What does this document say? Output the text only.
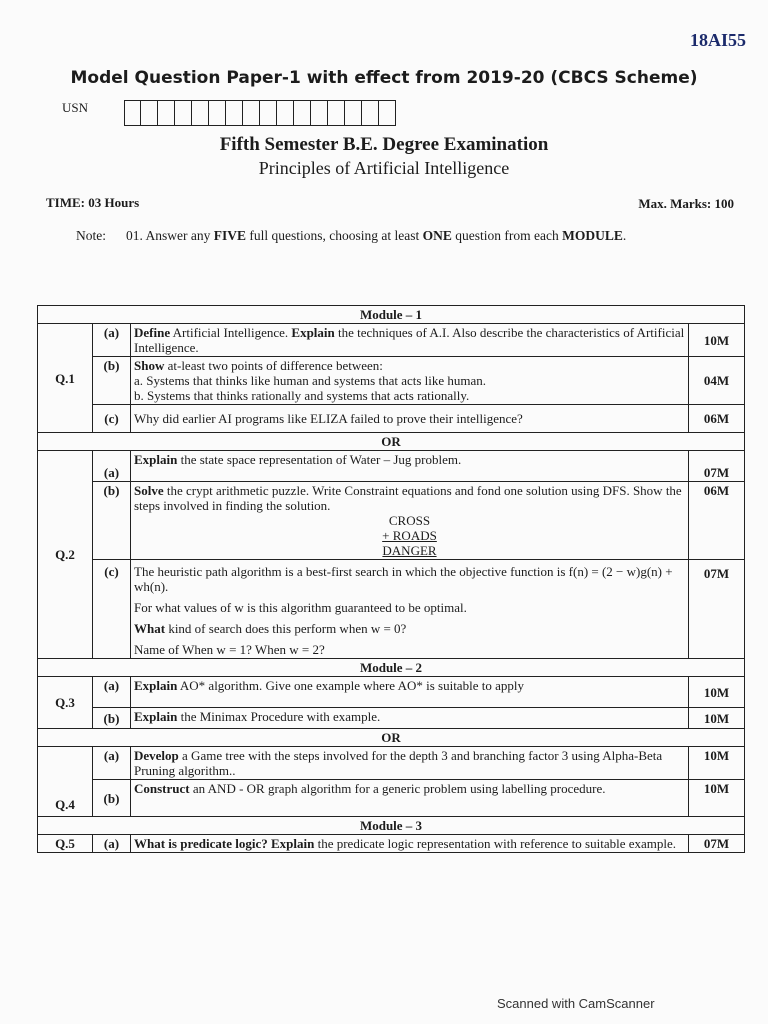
18AI55
Model Question Paper-1 with effect from 2019-20 (CBCS Scheme)
USN
Fifth Semester B.E. Degree Examination
Principles of Artificial Intelligence
TIME: 03 Hours	Max. Marks: 100
Note: 01. Answer any FIVE full questions, choosing at least ONE question from each MODULE.
Module – 1			
Q.1	(a)	Define Artificial Intelligence. Explain the techniques of A.I. Also describe the characteristics of Artificial Intelligence.	10M
	(b)	Show at-least two points of difference between:

a. Systems that thinks like human and systems that acts like human.

b. Systems that thinks rationally and systems that acts rationally.	04M
	(c)	Why did earlier AI programs like ELIZA failed to prove their intelligence?	06M
OR			
Q.2	(a)	Explain the state space representation of Water – Jug problem.	07M
	(b)	Solve the crypt arithmetic puzzle. Write Constraint equations and fond one solution using DFS. Show the steps involved in finding the solution.

CROSS

+ ROADS

DANGER	06M
	(c)	The heuristic path algorithm is a best-first search in which the objective function is f(n) = (2 − w)g(n) + wh(n).

For what values of w is this algorithm guaranteed to be optimal.

What kind of search does this perform when w = 0?

Name of When w = 1? When w = 2?	07M
Module – 2			
Q.3	(a)	Explain AO* algorithm. Give one example where AO* is suitable to apply	10M
	(b)	Explain the Minimax Procedure with example.	10M
OR			
Q.4	(a)	Develop a Game tree with the steps involved for the depth 3 and branching factor 3 using Alpha-Beta Pruning algorithm..	10M
	(b)	Construct an AND - OR graph algorithm for a generic problem using labelling procedure.	10M
Module – 3			
Q.5	(a)	What is predicate logic? Explain the predicate logic representation with reference to suitable example.	07M
Scanned with CamScanner
